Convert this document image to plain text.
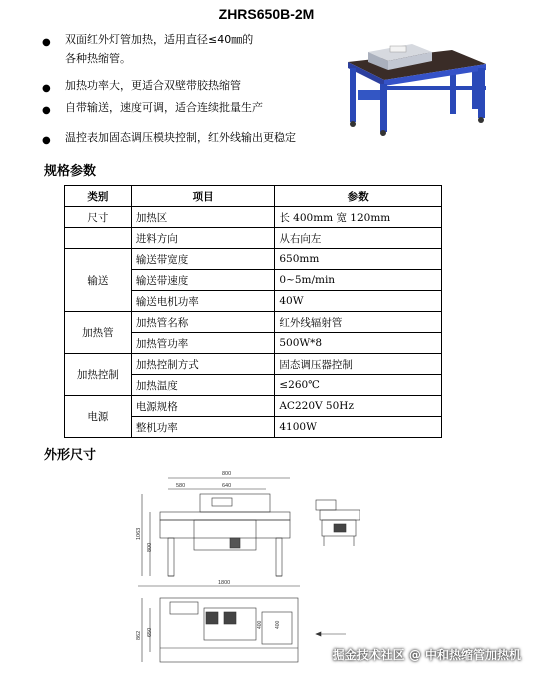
ZHRS650B-2M
● 双面红外灯管加热，适用直径≤40㎜的
各种热缩管。
● 加热功率大，更适合双壁带胶热缩管
● 自带输送，速度可调，适合连续批量生产
● 温控表加固态调压模块控制，红外线输出更稳定
规格参数
类别	项目	参数
尺寸	加热区	长 400mm 宽 120mm
	进料方向	从右向左
输送	输送带宽度	650mm
	输送带速度	0~5m/min
	输送电机功率	40W
加热管	加热管名称	红外线辐射管
	加热管功率	500W*8
加热控制	加热控制方式	固态调压器控制
	加热温度	≤260℃
电源	电源规格	AC220V 50Hz
	整机功率	4100W
外形尺寸
800
580	640
1063
800
1800
862 650
400 400
掘金技术社区 @ 中和热缩管加热机
